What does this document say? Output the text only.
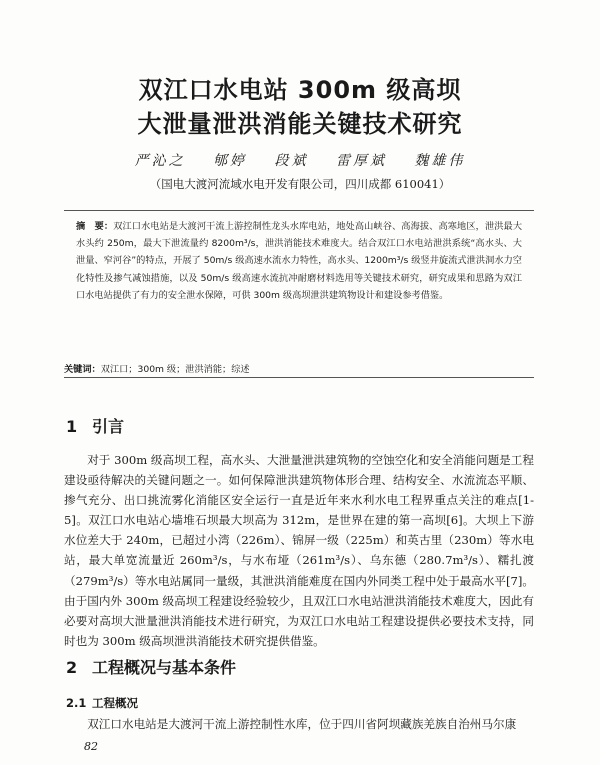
双江口水电站 300m 级高坝
大泄量泄洪消能关键技术研究
严沁之 郇婷 段斌 雷厚斌 魏雄伟
（国电大渡河流域水电开发有限公司，四川成都 610041）
摘　要：双江口水电站是大渡河干流上游控制性龙头水库电站，地处高山峡谷、高海拔、高寒地区，泄洪最大水头约 250m，最大下泄流量约 8200m³/s，泄洪消能技术难度大。结合双江口水电站泄洪系统“高水头、大泄量、窄河谷”的特点，开展了 50m/s 级高速水流水力特性，高水头、1200m³/s 级竖井旋流式泄洪洞水力空化特性及掺气减蚀措施，以及 50m/s 级高速水流抗冲耐磨材料选用等关键技术研究，研究成果和思路为双江口水电站提供了有力的安全泄水保障，可供 300m 级高坝泄洪建筑物设计和建设参考借鉴。
关键词：双江口；300m 级；泄洪消能；综述
1 引言

对于 300m 级高坝工程，高水头、大泄量泄洪建筑物的空蚀空化和安全消能问题是工程建设亟待解决的关键问题之一。如何保障泄洪建筑物体形合理、结构安全、水流流态平顺、掺气充分、出口挑流雾化消能区安全运行一直是近年来水利水电工程界重点关注的难点[1-5]。双江口水电站心墙堆石坝最大坝高为 312m，是世界在建的第一高坝[6]。大坝上下游水位差大于 240m，已超过小湾（226m）、锦屏一级（225m）和英古里（230m）等水电站，最大单宽流量近 260m³/s，与水布垭（261m³/s）、乌东德（280.7m³/s）、糯扎渡（279m³/s）等水电站属同一量级，其泄洪消能难度在国内外同类工程中处于最高水平[7]。由于国内外 300m 级高坝工程建设经验较少，且双江口水电站泄洪消能技术难度大，因此有必要对高坝大泄量泄洪消能技术进行研究，为双江口水电站工程建设提供必要技术支持，同时也为 300m 级高坝泄洪消能技术研究提供借鉴。

2 工程概况与基本条件
2.1 工程概况

双江口水电站是大渡河干流上游控制性水库，位于四川省阿坝藏族羌族自治州马尔康

82
